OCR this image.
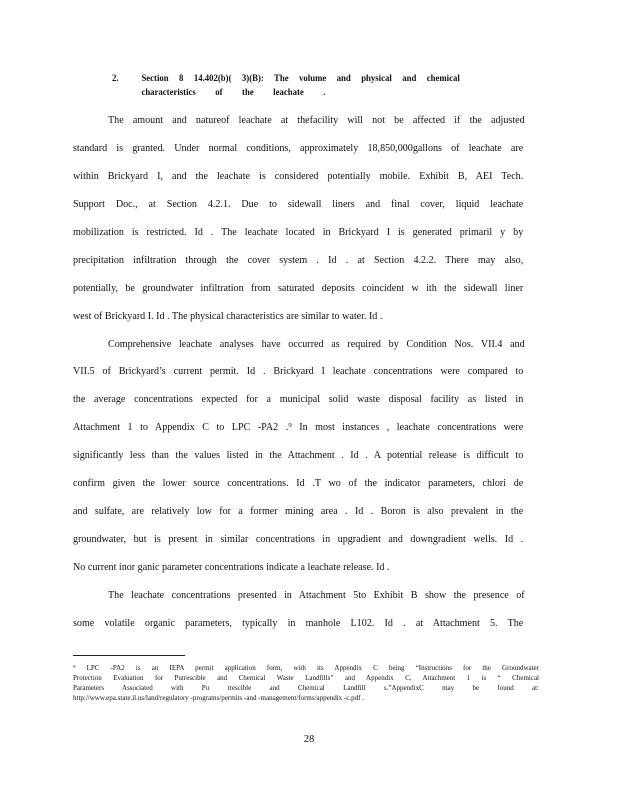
2. Section 8 14.402(b)( 3)(B): The volume and physical and chemical
characteristics of the leachate .
The amount and natureof leachate at thefacility will not be affected if the adjusted
standard is granted. Under normal conditions, approximately 18,850,000gallons of leachate are
within Brickyard I, and the leachate is considered potentially mobile. Exhibit B, AEI Tech.
Support Doc., at Section 4.2.1. Due to sidewall liners and final cover, liquid leachate
mobilization is restricted. Id . The leachate located in Brickyard I is generated primaril y by
precipitation infiltration through the cover system . Id . at Section 4.2.2. There may also,
potentially, be groundwater infiltration from saturated deposits coincident w ith the sidewall liner
west of Brickyard I. Id . The physical characteristics are similar to water. Id .
Comprehensive leachate analyses have occurred as required by Condition Nos. VII.4 and
VII.5 of Brickyard’s current permit. Id . Brickyard I leachate concentrations were compared to
the average concentrations expected for a municipal solid waste disposal facility as listed in
Attachment 1 to Appendix C to LPC -PA2 .⁹ In most instances , leachate concentrations were
significantly less than the values listed in the Attachment . Id . A potential release is difficult to
confirm given the lower source concentrations. Id .T wo of the indicator parameters, chlori de
and sulfate, are relatively low for a former mining area . Id . Boron is also prevalent in the
groundwater, but is present in similar concentrations in upgradient and downgradient wells. Id .
No current inor ganic parameter concentrations indicate a leachate release. Id .
The leachate concentrations presented in Attachment 5to Exhibit B show the presence of
some volatile organic parameters, typically in manhole L102. Id . at Attachment 5. The
⁹ LPC -PA2 is an IEPA permit application form, with its Appendix C being “Instructions for the Groundwater
Protection Evaluation for Putrescible and Chemical Waste Landfills” and Appendix C, Attachment 1 is “ Chemical
Parameters Associated with Pu trescible and Chemical Landfill s.”AppendixC may be found at:
http://www.epa.state.il.us/land/regulatory -programs/permits -and -management/forms/appendix -c.pdf .
28
